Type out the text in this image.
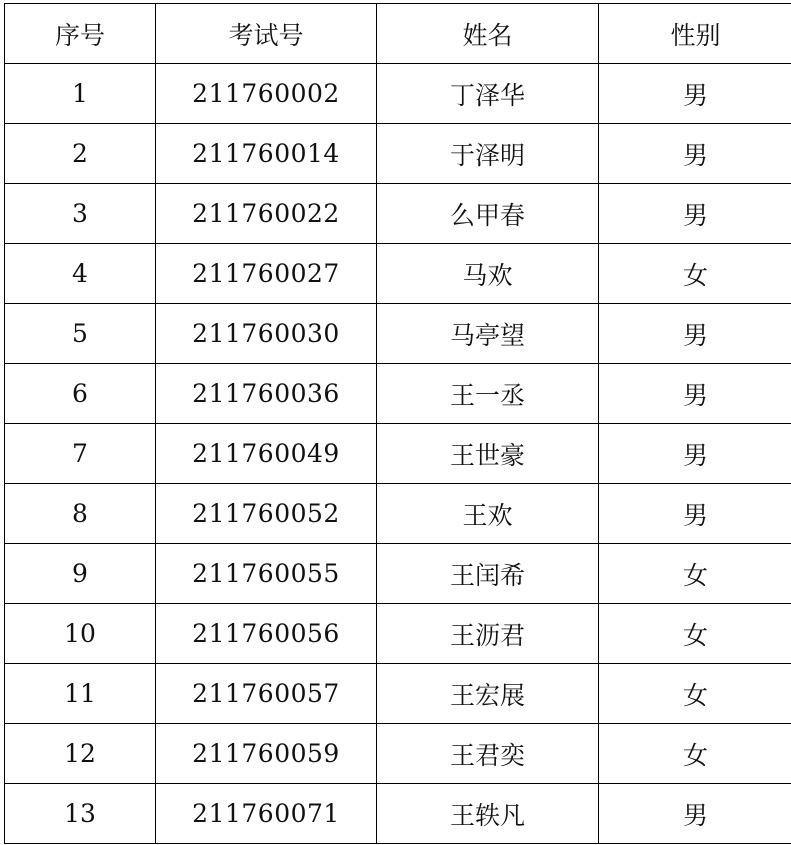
序号	考试号	姓名	性别
1	211760002	丁泽华	男
2	211760014	于泽明	男
3	211760022	么甲春	男
4	211760027	马欢	女
5	211760030	马亭望	男
6	211760036	王一丞	男
7	211760049	王世豪	男
8	211760052	王欢	男
9	211760055	王闰希	女
10	211760056	王沥君	女
11	211760057	王宏展	女
12	211760059	王君奕	女
13	211760071	王轶凡	男
